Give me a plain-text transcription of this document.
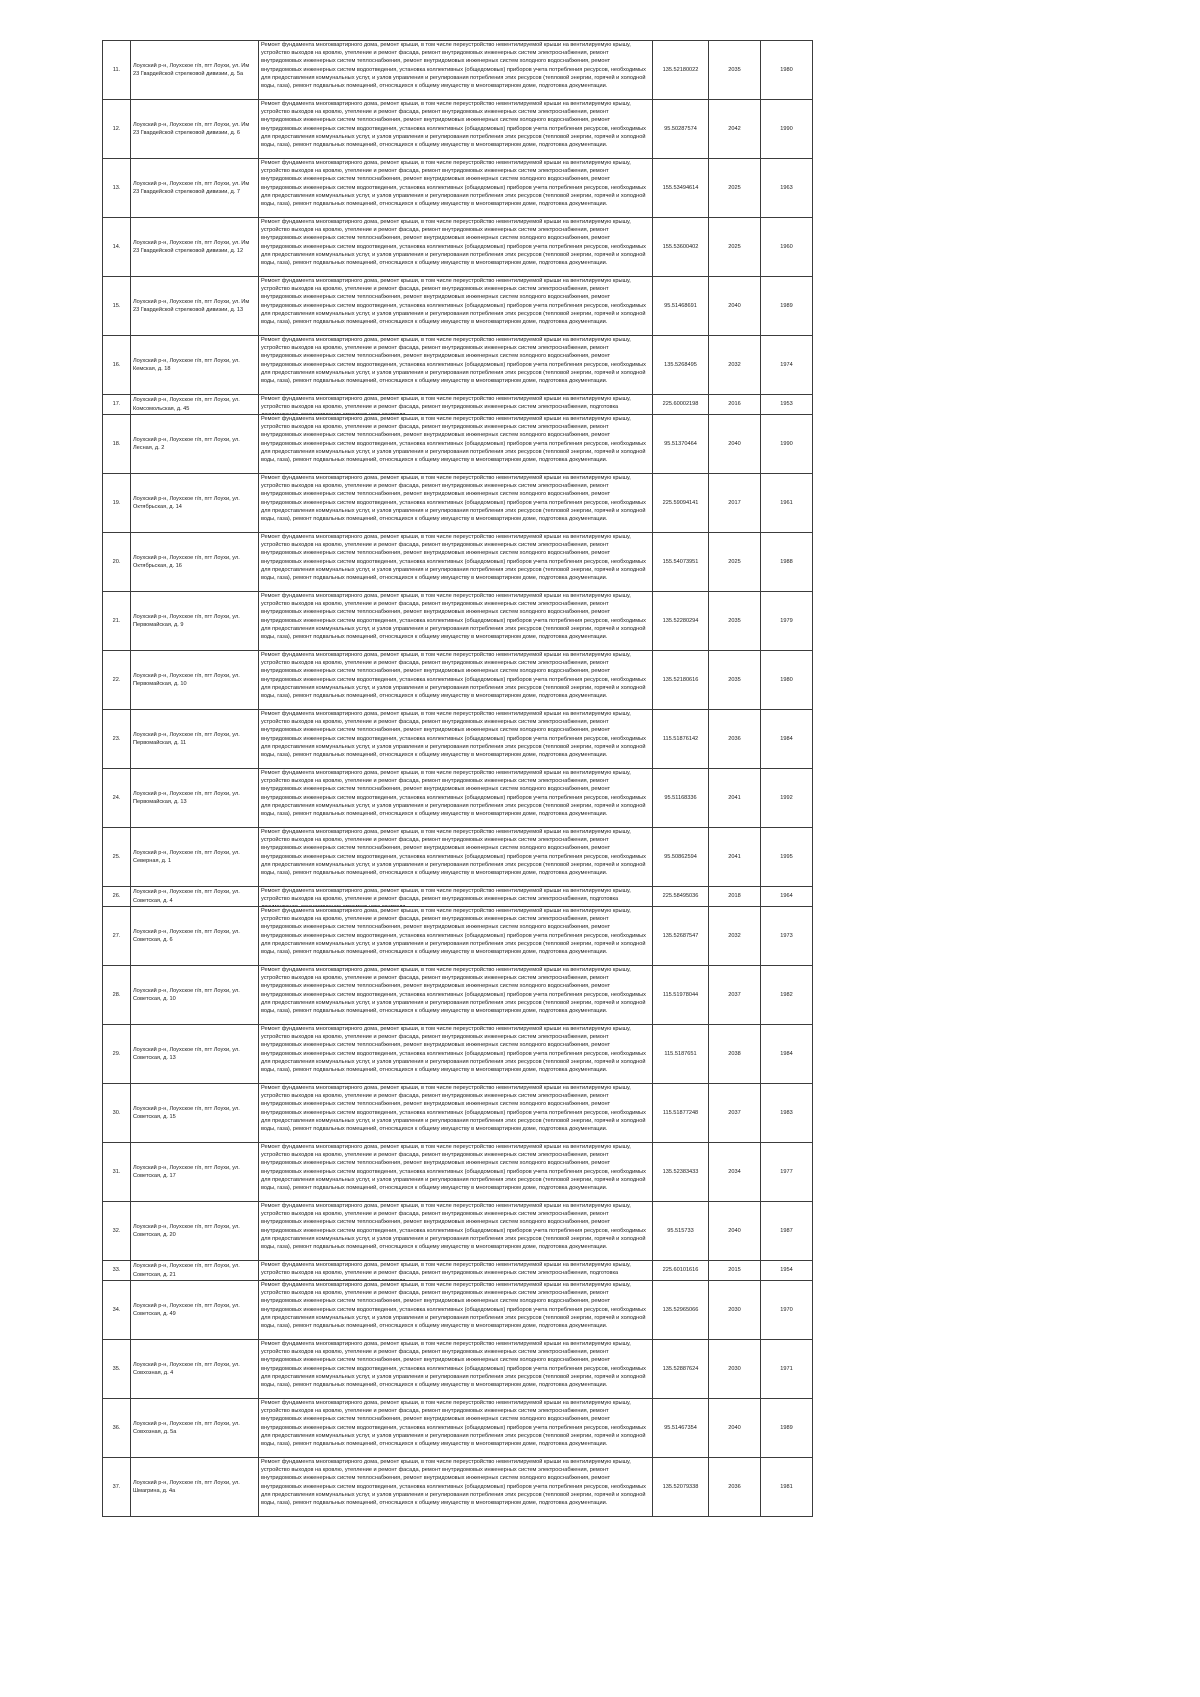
11.	Лоухский р-н, Лоухское г/п, пгт Лоухи, ул. Им 23 Гвардейской стрелковой дивизии, д. 5а	Ремонт фундамента многоквартирного дома, ремонт крыши, в том числе переустройство невентилируемой крыши на вентилируемую крышу, устройство выходов на кровлю, утепление и ремонт фасада, ремонт внутридомовых инженерных систем электроснабжения, ремонт внутридомовых инженерных систем теплоснабжения, ремонт внутридомовых инженерных систем холодного водоснабжения, ремонт внутридомовых инженерных систем водоотведения, установка коллективных (общедомовых) приборов учета потребления ресурсов, необходимых для предоставления коммунальных услуг, и узлов управления и регулирования потребления этих ресурсов (тепловой энергии, горячей и холодной воды, газа), ремонт подвальных помещений, относящихся к общему имуществу в многоквартирном доме, подготовка документации.	135.52180022	2035	1980
12.	Лоухский р-н, Лоухское г/п, пгт Лоухи, ул. Им 23 Гвардейской стрелковой дивизии, д. 6	Ремонт фундамента многоквартирного дома, ремонт крыши, в том числе переустройство невентилируемой крыши на вентилируемую крышу, устройство выходов на кровлю, утепление и ремонт фасада, ремонт внутридомовых инженерных систем электроснабжения, ремонт внутридомовых инженерных систем теплоснабжения, ремонт внутридомовых инженерных систем холодного водоснабжения, ремонт внутридомовых инженерных систем водоотведения, установка коллективных (общедомовых) приборов учета потребления ресурсов, необходимых для предоставления коммунальных услуг, и узлов управления и регулирования потребления этих ресурсов (тепловой энергии, горячей и холодной воды, газа), ремонт подвальных помещений, относящихся к общему имуществу в многоквартирном доме, подготовка документации.	95.50287574	2042	1990
13.	Лоухский р-н, Лоухское г/п, пгт Лоухи, ул. Им 23 Гвардейской стрелковой дивизии, д. 7	Ремонт фундамента многоквартирного дома, ремонт крыши, в том числе переустройство невентилируемой крыши на вентилируемую крышу, устройство выходов на кровлю, утепление и ремонт фасада, ремонт внутридомовых инженерных систем электроснабжения, ремонт внутридомовых инженерных систем теплоснабжения, ремонт внутридомовых инженерных систем холодного водоснабжения, ремонт внутридомовых инженерных систем водоотведения, установка коллективных (общедомовых) приборов учета потребления ресурсов, необходимых для предоставления коммунальных услуг, и узлов управления и регулирования потребления этих ресурсов (тепловой энергии, горячей и холодной воды, газа), ремонт подвальных помещений, относящихся к общему имуществу в многоквартирном доме, подготовка документации.	155.53494614	2025	1963
14.	Лоухский р-н, Лоухское г/п, пгт Лоухи, ул. Им 23 Гвардейской стрелковой дивизии, д. 12	Ремонт фундамента многоквартирного дома, ремонт крыши, в том числе переустройство невентилируемой крыши на вентилируемую крышу, устройство выходов на кровлю, утепление и ремонт фасада, ремонт внутридомовых инженерных систем электроснабжения, ремонт внутридомовых инженерных систем теплоснабжения, ремонт внутридомовых инженерных систем холодного водоснабжения, ремонт внутридомовых инженерных систем водоотведения, установка коллективных (общедомовых) приборов учета потребления ресурсов, необходимых для предоставления коммунальных услуг, и узлов управления и регулирования потребления этих ресурсов (тепловой энергии, горячей и холодной воды, газа), ремонт подвальных помещений, относящихся к общему имуществу в многоквартирном доме, подготовка документации.	155.53600402	2025	1960
15.	Лоухский р-н, Лоухское г/п, пгт Лоухи, ул. Им 23 Гвардейской стрелковой дивизии, д. 13	Ремонт фундамента многоквартирного дома, ремонт крыши, в том числе переустройство невентилируемой крыши на вентилируемую крышу, устройство выходов на кровлю, утепление и ремонт фасада, ремонт внутридомовых инженерных систем электроснабжения, ремонт внутридомовых инженерных систем теплоснабжения, ремонт внутридомовых инженерных систем холодного водоснабжения, ремонт внутридомовых инженерных систем водоотведения, установка коллективных (общедомовых) приборов учета потребления ресурсов, необходимых для предоставления коммунальных услуг, и узлов управления и регулирования потребления этих ресурсов (тепловой энергии, горячей и холодной воды, газа), ремонт подвальных помещений, относящихся к общему имуществу в многоквартирном доме, подготовка документации.	95.51468691	2040	1989
16.	Лоухский р-н, Лоухское г/п, пгт Лоухи, ул. Кемская, д. 18	Ремонт фундамента многоквартирного дома, ремонт крыши, в том числе переустройство невентилируемой крыши на вентилируемую крышу, устройство выходов на кровлю, утепление и ремонт фасада, ремонт внутридомовых инженерных систем электроснабжения, ремонт внутридомовых инженерных систем теплоснабжения, ремонт внутридомовых инженерных систем холодного водоснабжения, ремонт внутридомовых инженерных систем водоотведения, установка коллективных (общедомовых) приборов учета потребления ресурсов, необходимых для предоставления коммунальных услуг, и узлов управления и регулирования потребления этих ресурсов (тепловой энергии, горячей и холодной воды, газа), ремонт подвальных помещений, относящихся к общему имуществу в многоквартирном доме, подготовка документации.	135.5268495	2032	1974
17.	Лоухский р-н, Лоухское г/п, пгт Лоухи, ул. Комсомольская, д. 45	Ремонт фундамента многоквартирного дома, ремонт крыши, в том числе переустройство невентилируемой крыши на вентилируемую крышу, устройство выходов на кровлю, утепление и ремонт фасада, ремонт внутридомовых инженерных систем электроснабжения, подготовка	225.60002198	2016	1953
18.	Лоухский р-н, Лоухское г/п, пгт Лоухи, ул. Лесная, д. 2	Ремонт фундамента многоквартирного дома, ремонт крыши, в том числе переустройство невентилируемой крыши на вентилируемую крышу, устройство выходов на кровлю, утепление и ремонт фасада, ремонт внутридомовых инженерных систем электроснабжения, ремонт внутридомовых инженерных систем теплоснабжения, ремонт внутридомовых инженерных систем холодного водоснабжения, ремонт внутридомовых инженерных систем водоотведения, установка коллективных (общедомовых) приборов учета потребления ресурсов, необходимых для предоставления коммунальных услуг, и узлов управления и регулирования потребления этих ресурсов (тепловой энергии, горячей и холодной воды, газа), ремонт подвальных помещений, относящихся к общему имуществу в многоквартирном доме, подготовка документации.	95.51370464	2040	1990
19.	Лоухский р-н, Лоухское г/п, пгт Лоухи, ул. Октябрьская, д. 14	Ремонт фундамента многоквартирного дома, ремонт крыши, в том числе переустройство невентилируемой крыши на вентилируемую крышу, устройство выходов на кровлю, утепление и ремонт фасада, ремонт внутридомовых инженерных систем электроснабжения, ремонт внутридомовых инженерных систем теплоснабжения, ремонт внутридомовых инженерных систем холодного водоснабжения, ремонт внутридомовых инженерных систем водоотведения, установка коллективных (общедомовых) приборов учета потребления ресурсов, необходимых для предоставления коммунальных услуг, и узлов управления и регулирования потребления этих ресурсов (тепловой энергии, горячей и холодной воды, газа), ремонт подвальных помещений, относящихся к общему имуществу в многоквартирном доме, подготовка документации.	225.59094141	2017	1961
20.	Лоухский р-н, Лоухское г/п, пгт Лоухи, ул. Октябрьская, д. 16	Ремонт фундамента многоквартирного дома, ремонт крыши, в том числе переустройство невентилируемой крыши на вентилируемую крышу, устройство выходов на кровлю, утепление и ремонт фасада, ремонт внутридомовых инженерных систем электроснабжения, ремонт внутридомовых инженерных систем теплоснабжения, ремонт внутридомовых инженерных систем холодного водоснабжения, ремонт внутридомовых инженерных систем водоотведения, установка коллективных (общедомовых) приборов учета потребления ресурсов, необходимых для предоставления коммунальных услуг, и узлов управления и регулирования потребления этих ресурсов (тепловой энергии, горячей и холодной воды, газа), ремонт подвальных помещений, относящихся к общему имуществу в многоквартирном доме, подготовка документации.	155.54073951	2025	1988
21.	Лоухский р-н, Лоухское г/п, пгт Лоухи, ул. Первомайская, д. 9	Ремонт фундамента многоквартирного дома, ремонт крыши, в том числе переустройство невентилируемой крыши на вентилируемую крышу, устройство выходов на кровлю, утепление и ремонт фасада, ремонт внутридомовых инженерных систем электроснабжения, ремонт внутридомовых инженерных систем теплоснабжения, ремонт внутридомовых инженерных систем холодного водоснабжения, ремонт внутридомовых инженерных систем водоотведения, установка коллективных (общедомовых) приборов учета потребления ресурсов, необходимых для предоставления коммунальных услуг, и узлов управления и регулирования потребления этих ресурсов (тепловой энергии, горячей и холодной воды, газа), ремонт подвальных помещений, относящихся к общему имуществу в многоквартирном доме, подготовка документации.	135.52280294	2035	1979
22.	Лоухский р-н, Лоухское г/п, пгт Лоухи, ул. Первомайская, д. 10	Ремонт фундамента многоквартирного дома, ремонт крыши, в том числе переустройство невентилируемой крыши на вентилируемую крышу, устройство выходов на кровлю, утепление и ремонт фасада, ремонт внутридомовых инженерных систем электроснабжения, ремонт внутридомовых инженерных систем теплоснабжения, ремонт внутридомовых инженерных систем холодного водоснабжения, ремонт внутридомовых инженерных систем водоотведения, установка коллективных (общедомовых) приборов учета потребления ресурсов, необходимых для предоставления коммунальных услуг, и узлов управления и регулирования потребления этих ресурсов (тепловой энергии, горячей и холодной воды, газа), ремонт подвальных помещений, относящихся к общему имуществу в многоквартирном доме, подготовка документации.	135.52180616	2035	1980
23.	Лоухский р-н, Лоухское г/п, пгт Лоухи, ул. Первомайская, д. 11	Ремонт фундамента многоквартирного дома, ремонт крыши, в том числе переустройство невентилируемой крыши на вентилируемую крышу, устройство выходов на кровлю, утепление и ремонт фасада, ремонт внутридомовых инженерных систем электроснабжения, ремонт внутридомовых инженерных систем теплоснабжения, ремонт внутридомовых инженерных систем холодного водоснабжения, ремонт внутридомовых инженерных систем водоотведения, установка коллективных (общедомовых) приборов учета потребления ресурсов, необходимых для предоставления коммунальных услуг, и узлов управления и регулирования потребления этих ресурсов (тепловой энергии, горячей и холодной воды, газа), ремонт подвальных помещений, относящихся к общему имуществу в многоквартирном доме, подготовка документации.	115.51876142	2036	1984
24.	Лоухский р-н, Лоухское г/п, пгт Лоухи, ул. Первомайская, д. 13	Ремонт фундамента многоквартирного дома, ремонт крыши, в том числе переустройство невентилируемой крыши на вентилируемую крышу, устройство выходов на кровлю, утепление и ремонт фасада, ремонт внутридомовых инженерных систем электроснабжения, ремонт внутридомовых инженерных систем теплоснабжения, ремонт внутридомовых инженерных систем холодного водоснабжения, ремонт внутридомовых инженерных систем водоотведения, установка коллективных (общедомовых) приборов учета потребления ресурсов, необходимых для предоставления коммунальных услуг, и узлов управления и регулирования потребления этих ресурсов (тепловой энергии, горячей и холодной воды, газа), ремонт подвальных помещений, относящихся к общему имуществу в многоквартирном доме, подготовка документации.	95.51168336	2041	1992
25.	Лоухский р-н, Лоухское г/п, пгт Лоухи, ул. Северная, д. 1	Ремонт фундамента многоквартирного дома, ремонт крыши, в том числе переустройство невентилируемой крыши на вентилируемую крышу, устройство выходов на кровлю, утепление и ремонт фасада, ремонт внутридомовых инженерных систем электроснабжения, ремонт внутридомовых инженерных систем теплоснабжения, ремонт внутридомовых инженерных систем холодного водоснабжения, ремонт внутридомовых инженерных систем водоотведения, установка коллективных (общедомовых) приборов учета потребления ресурсов, необходимых для предоставления коммунальных услуг, и узлов управления и регулирования потребления этих ресурсов (тепловой энергии, горячей и холодной воды, газа), ремонт подвальных помещений, относящихся к общему имуществу в многоквартирном доме, подготовка документации.	95.50862594	2041	1995
26.	Лоухский р-н, Лоухское г/п, пгт Лоухи, ул. Советская, д. 4	Ремонт фундамента многоквартирного дома, ремонт крыши, в том числе переустройство невентилируемой крыши на вентилируемую крышу, устройство выходов на кровлю, утепление и ремонт фасада, ремонт внутридомовых инженерных систем электроснабжения, подготовка	225.58495036	2018	1964
27.	Лоухский р-н, Лоухское г/п, пгт Лоухи, ул. Советская, д. 6	Ремонт фундамента многоквартирного дома, ремонт крыши, в том числе переустройство невентилируемой крыши на вентилируемую крышу, устройство выходов на кровлю, утепление и ремонт фасада, ремонт внутридомовых инженерных систем электроснабжения, ремонт внутридомовых инженерных систем теплоснабжения, ремонт внутридомовых инженерных систем холодного водоснабжения, ремонт внутридомовых инженерных систем водоотведения, установка коллективных (общедомовых) приборов учета потребления ресурсов, необходимых для предоставления коммунальных услуг, и узлов управления и регулирования потребления этих ресурсов (тепловой энергии, горячей и холодной воды, газа), ремонт подвальных помещений, относящихся к общему имуществу в многоквартирном доме, подготовка документации.	135.52687547	2032	1973
28.	Лоухский р-н, Лоухское г/п, пгт Лоухи, ул. Советская, д. 10	Ремонт фундамента многоквартирного дома, ремонт крыши, в том числе переустройство невентилируемой крыши на вентилируемую крышу, устройство выходов на кровлю, утепление и ремонт фасада, ремонт внутридомовых инженерных систем электроснабжения, ремонт внутридомовых инженерных систем теплоснабжения, ремонт внутридомовых инженерных систем холодного водоснабжения, ремонт внутридомовых инженерных систем водоотведения, установка коллективных (общедомовых) приборов учета потребления ресурсов, необходимых для предоставления коммунальных услуг, и узлов управления и регулирования потребления этих ресурсов (тепловой энергии, горячей и холодной воды, газа), ремонт подвальных помещений, относящихся к общему имуществу в многоквартирном доме, подготовка документации.	115.51978044	2037	1982
29.	Лоухский р-н, Лоухское г/п, пгт Лоухи, ул. Советская, д. 13	Ремонт фундамента многоквартирного дома, ремонт крыши, в том числе переустройство невентилируемой крыши на вентилируемую крышу, устройство выходов на кровлю, утепление и ремонт фасада, ремонт внутридомовых инженерных систем электроснабжения, ремонт внутридомовых инженерных систем теплоснабжения, ремонт внутридомовых инженерных систем холодного водоснабжения, ремонт внутридомовых инженерных систем водоотведения, установка коллективных (общедомовых) приборов учета потребления ресурсов, необходимых для предоставления коммунальных услуг, и узлов управления и регулирования потребления этих ресурсов (тепловой энергии, горячей и холодной воды, газа), ремонт подвальных помещений, относящихся к общему имуществу в многоквартирном доме, подготовка документации.	115.5187651	2038	1984
30.	Лоухский р-н, Лоухское г/п, пгт Лоухи, ул. Советская, д. 15	Ремонт фундамента многоквартирного дома, ремонт крыши, в том числе переустройство невентилируемой крыши на вентилируемую крышу, устройство выходов на кровлю, утепление и ремонт фасада, ремонт внутридомовых инженерных систем электроснабжения, ремонт внутридомовых инженерных систем теплоснабжения, ремонт внутридомовых инженерных систем холодного водоснабжения, ремонт внутридомовых инженерных систем водоотведения, установка коллективных (общедомовых) приборов учета потребления ресурсов, необходимых для предоставления коммунальных услуг, и узлов управления и регулирования потребления этих ресурсов (тепловой энергии, горячей и холодной воды, газа), ремонт подвальных помещений, относящихся к общему имуществу в многоквартирном доме, подготовка документации.	115.51877248	2037	1983
31.	Лоухский р-н, Лоухское г/п, пгт Лоухи, ул. Советская, д. 17	Ремонт фундамента многоквартирного дома, ремонт крыши, в том числе переустройство невентилируемой крыши на вентилируемую крышу, устройство выходов на кровлю, утепление и ремонт фасада, ремонт внутридомовых инженерных систем электроснабжения, ремонт внутридомовых инженерных систем теплоснабжения, ремонт внутридомовых инженерных систем холодного водоснабжения, ремонт внутридомовых инженерных систем водоотведения, установка коллективных (общедомовых) приборов учета потребления ресурсов, необходимых для предоставления коммунальных услуг, и узлов управления и регулирования потребления этих ресурсов (тепловой энергии, горячей и холодной воды, газа), ремонт подвальных помещений, относящихся к общему имуществу в многоквартирном доме, подготовка документации.	135.52383433	2034	1977
32.	Лоухский р-н, Лоухское г/п, пгт Лоухи, ул. Советская, д. 20	Ремонт фундамента многоквартирного дома, ремонт крыши, в том числе переустройство невентилируемой крыши на вентилируемую крышу, устройство выходов на кровлю, утепление и ремонт фасада, ремонт внутридомовых инженерных систем электроснабжения, ремонт внутридомовых инженерных систем теплоснабжения, ремонт внутридомовых инженерных систем холодного водоснабжения, ремонт внутридомовых инженерных систем водоотведения, установка коллективных (общедомовых) приборов учета потребления ресурсов, необходимых для предоставления коммунальных услуг, и узлов управления и регулирования потребления этих ресурсов (тепловой энергии, горячей и холодной воды, газа), ремонт подвальных помещений, относящихся к общему имуществу в многоквартирном доме, подготовка документации.	95.515733	2040	1987
33.	Лоухский р-н, Лоухское г/п, пгт Лоухи, ул. Советская, д. 21	Ремонт фундамента многоквартирного дома, ремонт крыши, в том числе переустройство невентилируемой крыши на вентилируемую крышу, устройство выходов на кровлю, утепление и ремонт фасада, ремонт внутридомовых инженерных систем электроснабжения, подготовка	225.60101616	2015	1954
34.	Лоухский р-н, Лоухское г/п, пгт Лоухи, ул. Советская, д. 49	Ремонт фундамента многоквартирного дома, ремонт крыши, в том числе переустройство невентилируемой крыши на вентилируемую крышу, устройство выходов на кровлю, утепление и ремонт фасада, ремонт внутридомовых инженерных систем электроснабжения, ремонт внутридомовых инженерных систем теплоснабжения, ремонт внутридомовых инженерных систем холодного водоснабжения, ремонт внутридомовых инженерных систем водоотведения, установка коллективных (общедомовых) приборов учета потребления ресурсов, необходимых для предоставления коммунальных услуг, и узлов управления и регулирования потребления этих ресурсов (тепловой энергии, горячей и холодной воды, газа), ремонт подвальных помещений, относящихся к общему имуществу в многоквартирном доме, подготовка документации.	135.52965066	2030	1970
35.	Лоухский р-н, Лоухское г/п, пгт Лоухи, ул. Совхозная, д. 4	Ремонт фундамента многоквартирного дома, ремонт крыши, в том числе переустройство невентилируемой крыши на вентилируемую крышу, устройство выходов на кровлю, утепление и ремонт фасада, ремонт внутридомовых инженерных систем электроснабжения, ремонт внутридомовых инженерных систем теплоснабжения, ремонт внутридомовых инженерных систем холодного водоснабжения, ремонт внутридомовых инженерных систем водоотведения, установка коллективных (общедомовых) приборов учета потребления ресурсов, необходимых для предоставления коммунальных услуг, и узлов управления и регулирования потребления этих ресурсов (тепловой энергии, горячей и холодной воды, газа), ремонт подвальных помещений, относящихся к общему имуществу в многоквартирном доме, подготовка документации.	135.52887624	2030	1971
36.	Лоухский р-н, Лоухское г/п, пгт Лоухи, ул. Совхозная, д. 5а	Ремонт фундамента многоквартирного дома, ремонт крыши, в том числе переустройство невентилируемой крыши на вентилируемую крышу, устройство выходов на кровлю, утепление и ремонт фасада, ремонт внутридомовых инженерных систем электроснабжения, ремонт внутридомовых инженерных систем теплоснабжения, ремонт внутридомовых инженерных систем холодного водоснабжения, ремонт внутридомовых инженерных систем водоотведения, установка коллективных (общедомовых) приборов учета потребления ресурсов, необходимых для предоставления коммунальных услуг, и узлов управления и регулирования потребления этих ресурсов (тепловой энергии, горячей и холодной воды, газа), ремонт подвальных помещений, относящихся к общему имуществу в многоквартирном доме, подготовка документации.	95.51467354	2040	1989
37.	Лоухский р-н, Лоухское г/п, пгт Лоухи, ул. Шмагрина, д. 4а	Ремонт фундамента многоквартирного дома, ремонт крыши, в том числе переустройство невентилируемой крыши на вентилируемую крышу, устройство выходов на кровлю, утепление и ремонт фасада, ремонт внутридомовых инженерных систем электроснабжения, ремонт внутридомовых инженерных систем теплоснабжения, ремонт внутридомовых инженерных систем холодного водоснабжения, ремонт внутридомовых инженерных систем водоотведения, установка коллективных (общедомовых) приборов учета потребления ресурсов, необходимых для предоставления коммунальных услуг, и узлов управления и регулирования потребления этих ресурсов (тепловой энергии, горячей и холодной воды, газа), ремонт подвальных помещений, относящихся к общему имуществу в многоквартирном доме, подготовка документации.	135.52079338	2036	1981
